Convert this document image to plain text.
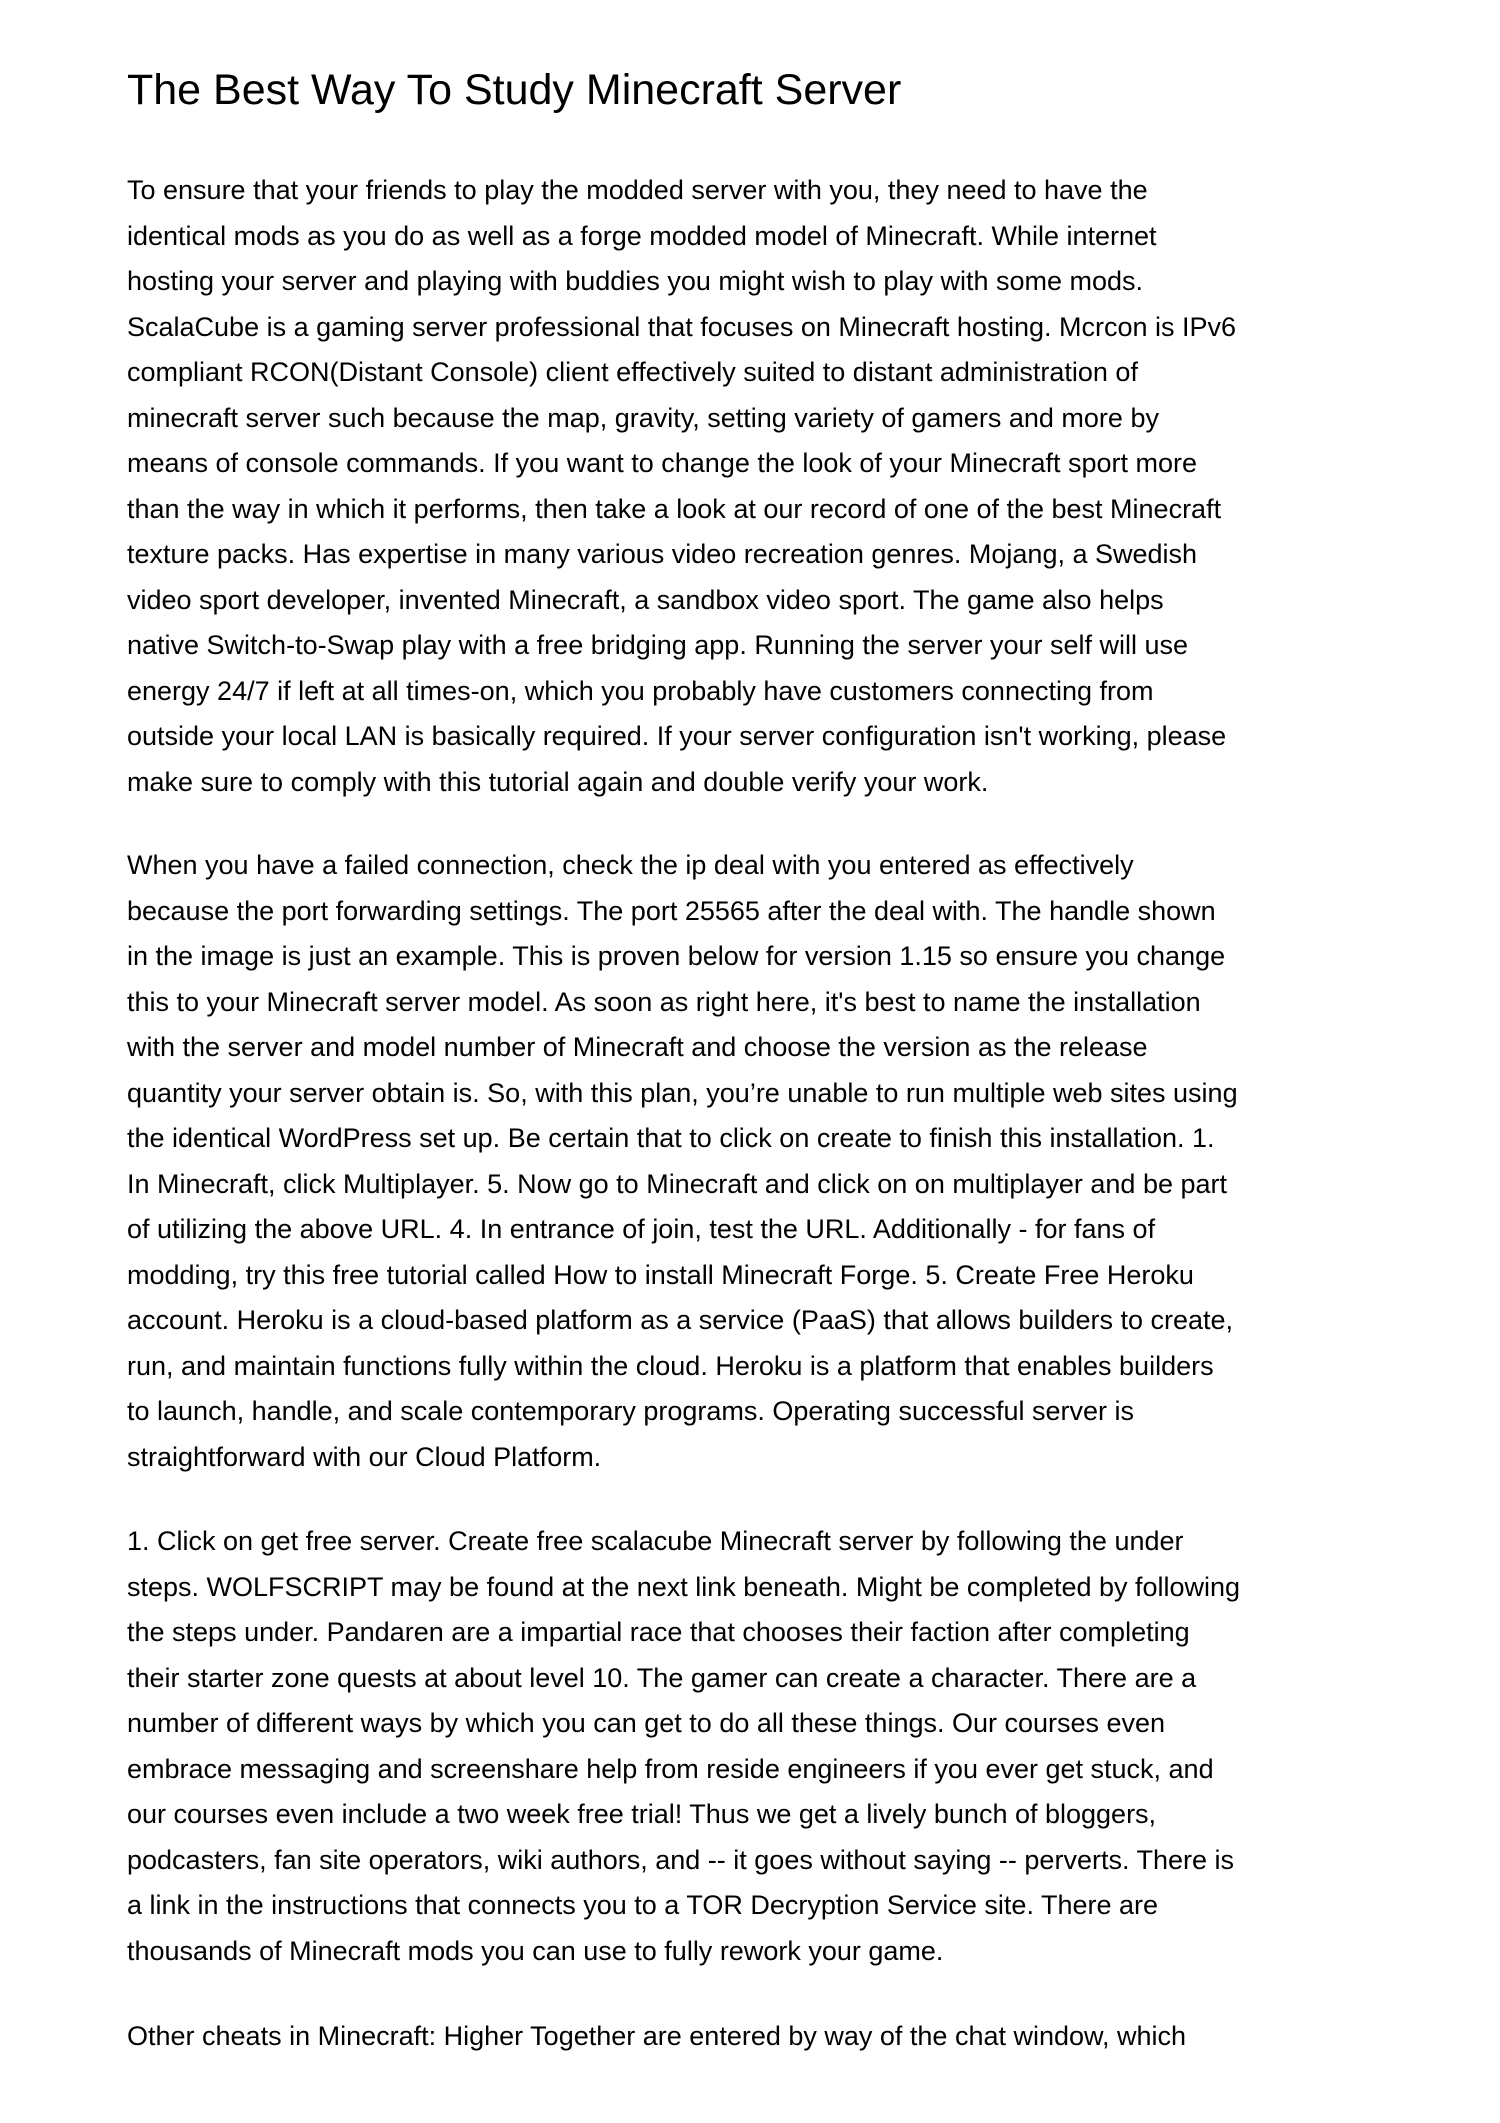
The Best Way To Study Minecraft Server

To ensure that your friends to play the modded server with you, they need to have the
identical mods as you do as well as a forge modded model of Minecraft. While internet
hosting your server and playing with buddies you might wish to play with some mods.
ScalaCube is a gaming server professional that focuses on Minecraft hosting. Mcrcon is IPv6
compliant RCON(Distant Console) client effectively suited to distant administration of
minecraft server such because the map, gravity, setting variety of gamers and more by
means of console commands. If you want to change the look of your Minecraft sport more
than the way in which it performs, then take a look at our record of one of the best Minecraft
texture packs. Has expertise in many various video recreation genres. Mojang, a Swedish
video sport developer, invented Minecraft, a sandbox video sport. The game also helps
native Switch-to-Swap play with a free bridging app. Running the server your self will use
energy 24/7 if left at all times-on, which you probably have customers connecting from
outside your local LAN is basically required. If your server configuration isn't working, please
make sure to comply with this tutorial again and double verify your work.

When you have a failed connection, check the ip deal with you entered as effectively
because the port forwarding settings. The port 25565 after the deal with. The handle shown
in the image is just an example. This is proven below for version 1.15 so ensure you change
this to your Minecraft server model. As soon as right here, it's best to name the installation
with the server and model number of Minecraft and choose the version as the release
quantity your server obtain is. So, with this plan, you’re unable to run multiple web sites using
the identical WordPress set up. Be certain that to click on create to finish this installation. 1.
In Minecraft, click Multiplayer. 5. Now go to Minecraft and click on on multiplayer and be part
of utilizing the above URL. 4. In entrance of join, test the URL. Additionally - for fans of
modding, try this free tutorial called How to install Minecraft Forge. 5. Create Free Heroku
account. Heroku is a cloud-based platform as a service (PaaS) that allows builders to create,
run, and maintain functions fully within the cloud. Heroku is a platform that enables builders
to launch, handle, and scale contemporary programs. Operating successful server is
straightforward with our Cloud Platform.

1. Click on get free server. Create free scalacube Minecraft server by following the under
steps. WOLFSCRIPT may be found at the next link beneath. Might be completed by following
the steps under. Pandaren are a impartial race that chooses their faction after completing
their starter zone quests at about level 10. The gamer can create a character. There are a
number of different ways by which you can get to do all these things. Our courses even
embrace messaging and screenshare help from reside engineers if you ever get stuck, and
our courses even include a two week free trial! Thus we get a lively bunch of bloggers,
podcasters, fan site operators, wiki authors, and -- it goes without saying -- perverts. There is
a link in the instructions that connects you to a TOR Decryption Service site. There are
thousands of Minecraft mods you can use to fully rework your game.

Other cheats in Minecraft: Higher Together are entered by way of the chat window, which
